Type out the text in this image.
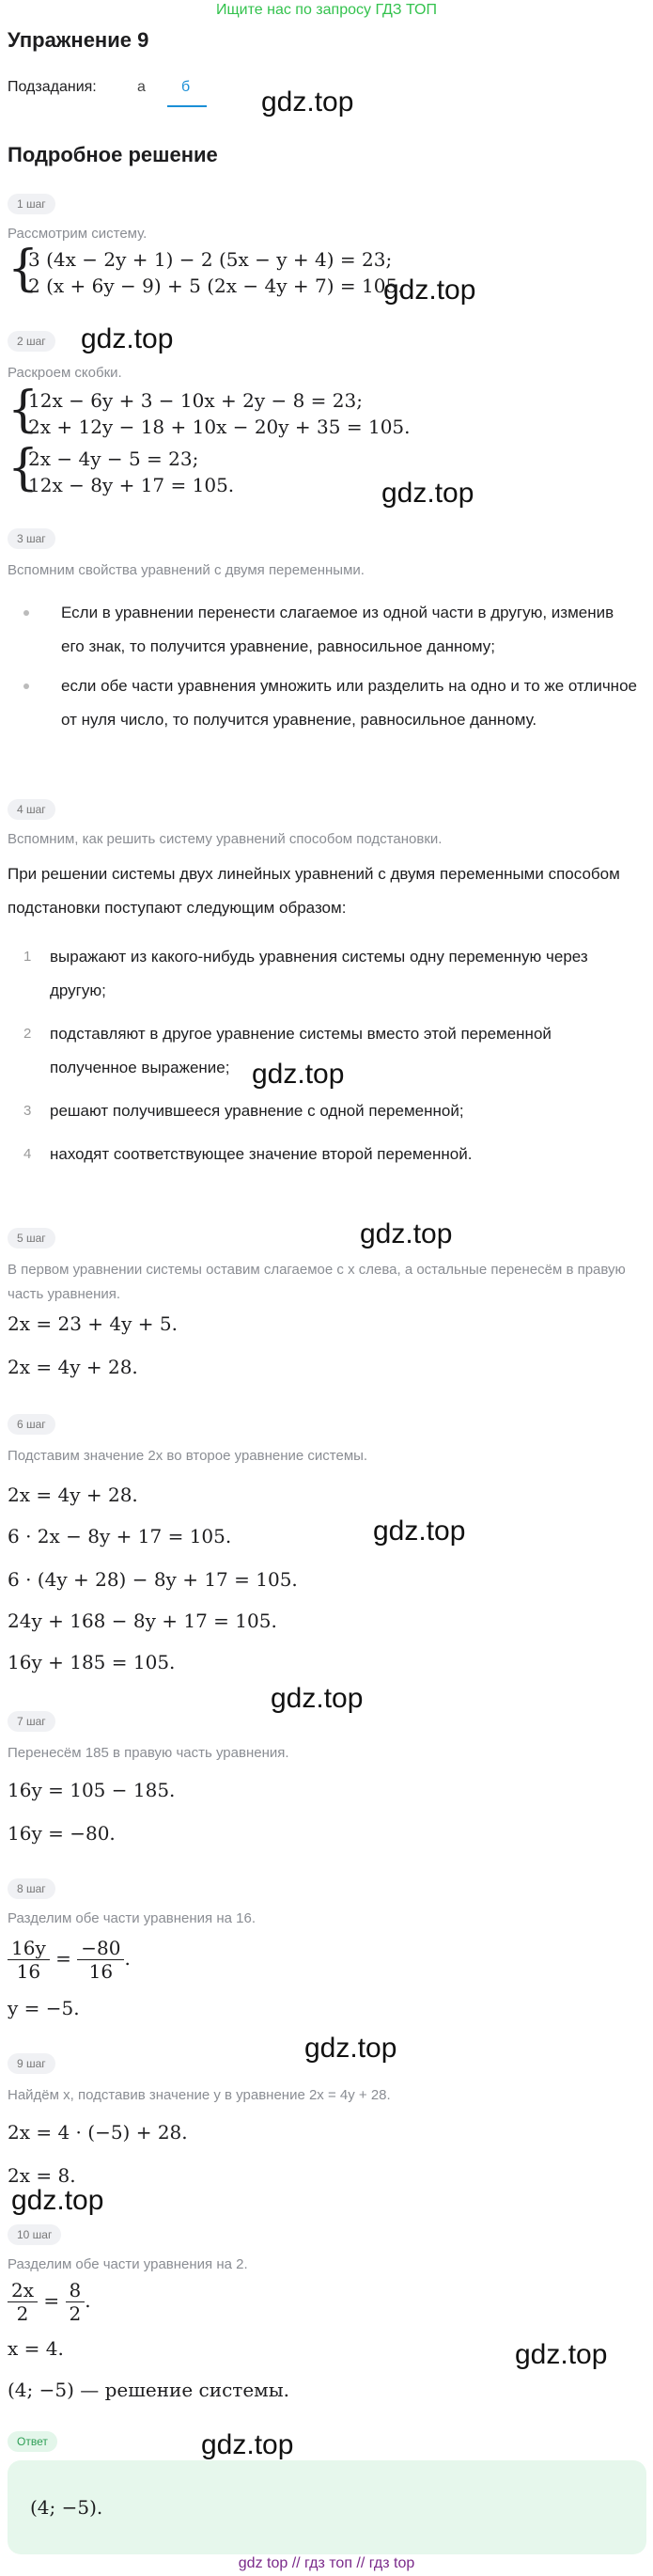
Ищите нас по запросу ГДЗ ТОП
Упражнение 9
Подзадания:	а б
Подробное решение
gdz.top
gdz.top
gdz.top
gdz.top
gdz.top
gdz.top
gdz.top
gdz.top
gdz.top
gdz.top
gdz.top
gdz.top
1 шаг
Рассмотрим систему.
{
3 (4x − 2y + 1) − 2 (5x − y + 4) = 23;
2 (x + 6y − 9) + 5 (2x − 4y + 7) = 105.
2 шаг
Раскроем скобки.
{
12x − 6y + 3 − 10x + 2y − 8 = 23;
2x + 12y − 18 + 10x − 20y + 35 = 105.
{
2x − 4y − 5 = 23;
12x − 8y + 17 = 105.
3 шаг
Вспомним свойства уравнений с двумя переменными.
Если в уравнении перенести слагаемое из одной части в другую, изменив его знак, то получится уравнение, равносильное данному;
если обе части уравнения умножить или разделить на одно и то же отличное от нуля число, то получится уравнение, равносильное данному.
4 шаг
Вспомним, как решить систему уравнений способом подстановки.
При решении системы двух линейных уравнений с двумя переменными способом подстановки поступают следующим образом:
1 выражают из какого-нибудь уравнения системы одну переменную через другую;
2 подставляют в другое уравнение системы вместо этой переменной полученное выражение;
3 решают получившееся уравнение с одной переменной;
4 находят соответствующее значение второй переменной.
5 шаг
В первом уравнении системы оставим слагаемое с x слева, а остальные перенесём в правую часть уравнения.
2x = 23 + 4y + 5.
2x = 4y + 28.
6 шаг
Подставим значение 2x во второе уравнение системы.
2x = 4y + 28.
6 · 2x − 8y + 17 = 105.
6 · (4y + 28) − 8y + 17 = 105.
24y + 168 − 8y + 17 = 105.
16y + 185 = 105.
7 шаг
Перенесём 185 в правую часть уравнения.
16y = 105 − 185.
16y = −80.
8 шаг
Разделим обе части уравнения на 16.
$\frac{16y}{16} = \frac{-80}{16}$ .
y = −5.
9 шаг
Найдём x, подставив значение y в уравнение 2x = 4y + 28.
2x = 4 · (−5) + 28.
2x = 8.
10 шаг
Разделим обе части уравнения на 2.
$\frac{2x}{2} = \frac{8}{2}$ .
x = 4.
(4; −5) — решение системы.
Ответ
(4; −5).
gdz top // гдз топ // гдз top
